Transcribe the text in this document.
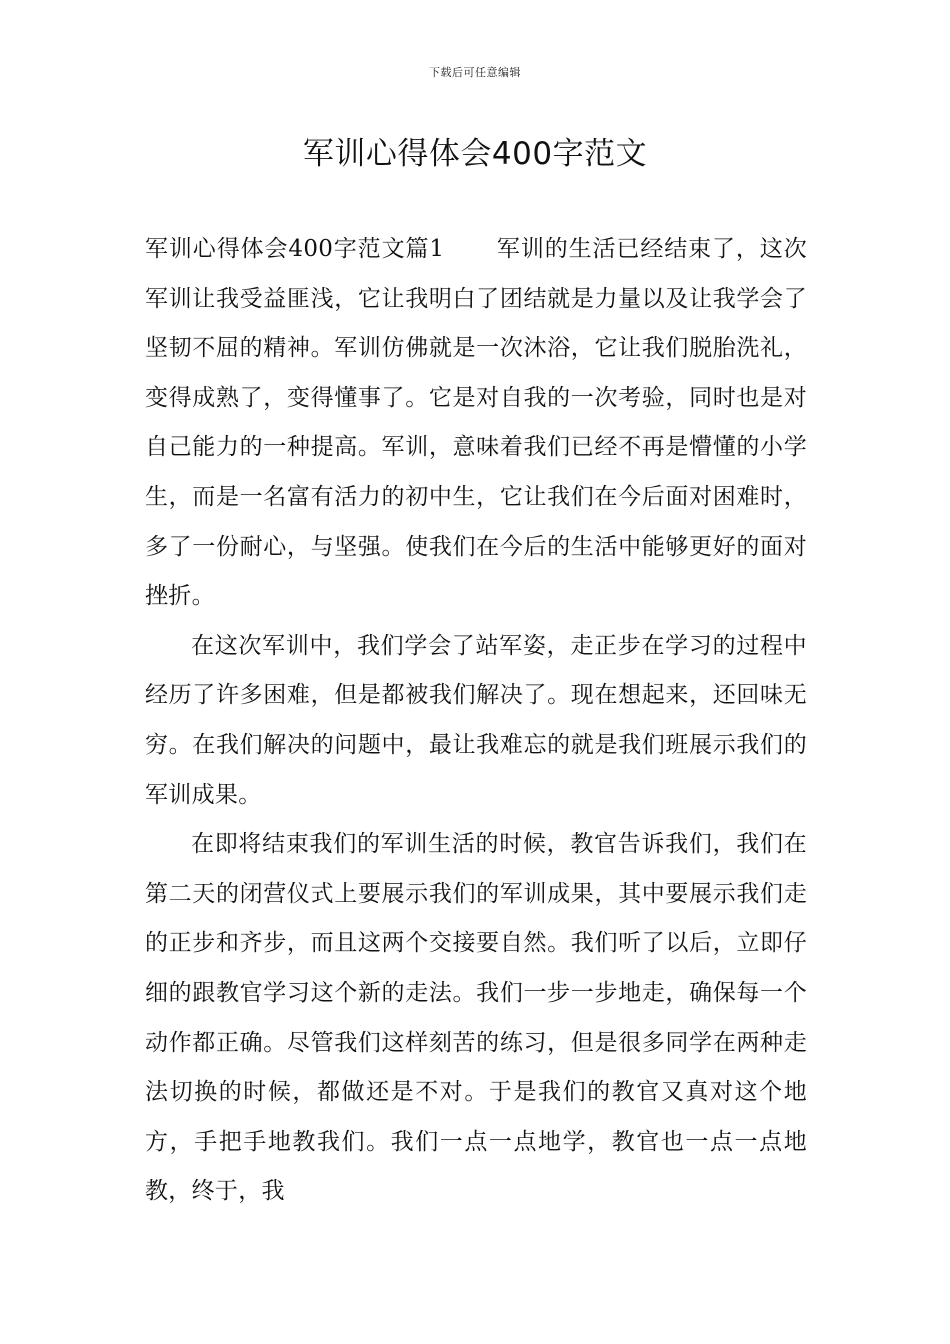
下载后可任意编辑
军训心得体会400字范文

军训心得体会400字范文篇1 军训的生活已经结束了，这次军训让我受益匪浅，它让我明白了团结就是力量以及让我学会了坚韧不屈的精神。军训仿佛就是一次沐浴，它让我们脱胎洗礼，变得成熟了，变得懂事了。它是对自我的一次考验，同时也是对自己能力的一种提高。军训，意味着我们已经不再是懵懂的小学生，而是一名富有活力的初中生，它让我们在今后面对困难时，多了一份耐心，与坚强。使我们在今后的生活中能够更好的面对挫折。

在这次军训中，我们学会了站军姿，走正步在学习的过程中经历了许多困难，但是都被我们解决了。现在想起来，还回味无穷。在我们解决的问题中，最让我难忘的就是我们班展示我们的军训成果。

在即将结束我们的军训生活的时候，教官告诉我们，我们在第二天的闭营仪式上要展示我们的军训成果，其中要展示我们走的正步和齐步，而且这两个交接要自然。我们听了以后，立即仔细的跟教官学习这个新的走法。我们一步一步地走，确保每一个动作都正确。尽管我们这样刻苦的练习，但是很多同学在两种走法切换的时候，都做还是不对。于是我们的教官又真对这个地方，手把手地教我们。我们一点一点地学，教官也一点一点地教，终于，我
